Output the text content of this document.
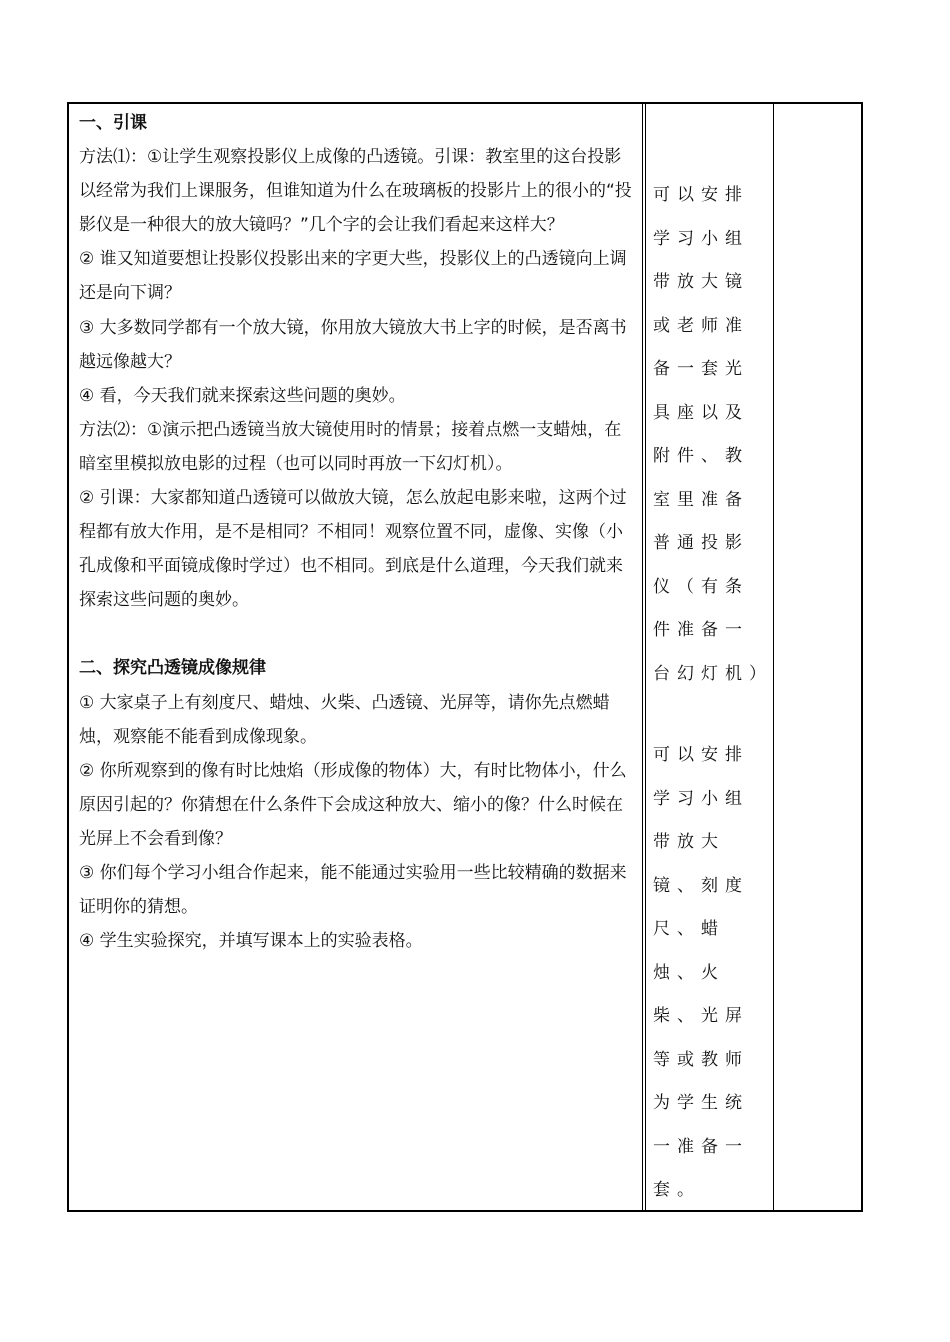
一、引课
方法⑴：①让学生观察投影仪上成像的凸透镜。引课：教室里的这台投影以经常为我们上课服务，但谁知道为什么在玻璃板的投影片上的很小的“投影仪是一种很大的放大镜吗？”几个字的会让我们看起来这样大？
② 谁又知道要想让投影仪投影出来的字更大些，投影仪上的凸透镜向上调还是向下调？
③ 大多数同学都有一个放大镜，你用放大镜放大书上字的时候，是否离书越远像越大？
④ 看，今天我们就来探索这些问题的奥妙。
方法⑵：①演示把凸透镜当放大镜使用时的情景；接着点燃一支蜡烛，在暗室里模拟放电影的过程（也可以同时再放一下幻灯机）。
② 引课：大家都知道凸透镜可以做放大镜，怎么放起电影来啦，这两个过程都有放大作用，是不是相同？不相同！观察位置不同，虚像、实像（小孔成像和平面镜成像时学过）也不相同。到底是什么道理，今天我们就来探索这些问题的奥妙。
二、探究凸透镜成像规律
① 大家桌子上有刻度尺、蜡烛、火柴、凸透镜、光屏等，请你先点燃蜡烛，观察能不能看到成像现象。
② 你所观察到的像有时比烛焰（形成像的物体）大，有时比物体小，什么原因引起的？你猜想在什么条件下会成这种放大、缩小的像？什么时候在光屏上不会看到像？
③ 你们每个学习小组合作起来，能不能通过实验用一些比较精确的数据来证明你的猜想。
④ 学生实验探究，并填写课本上的实验表格。
可以安排学习小组带放大镜或老师准备一套光具座以及附件、教室里准备普通投影仪（有条件准备一台幻灯机）
可以安排学习小组带放大镜、刻度尺、蜡烛、火柴、光屏等或教师为学生统一准备一套。
